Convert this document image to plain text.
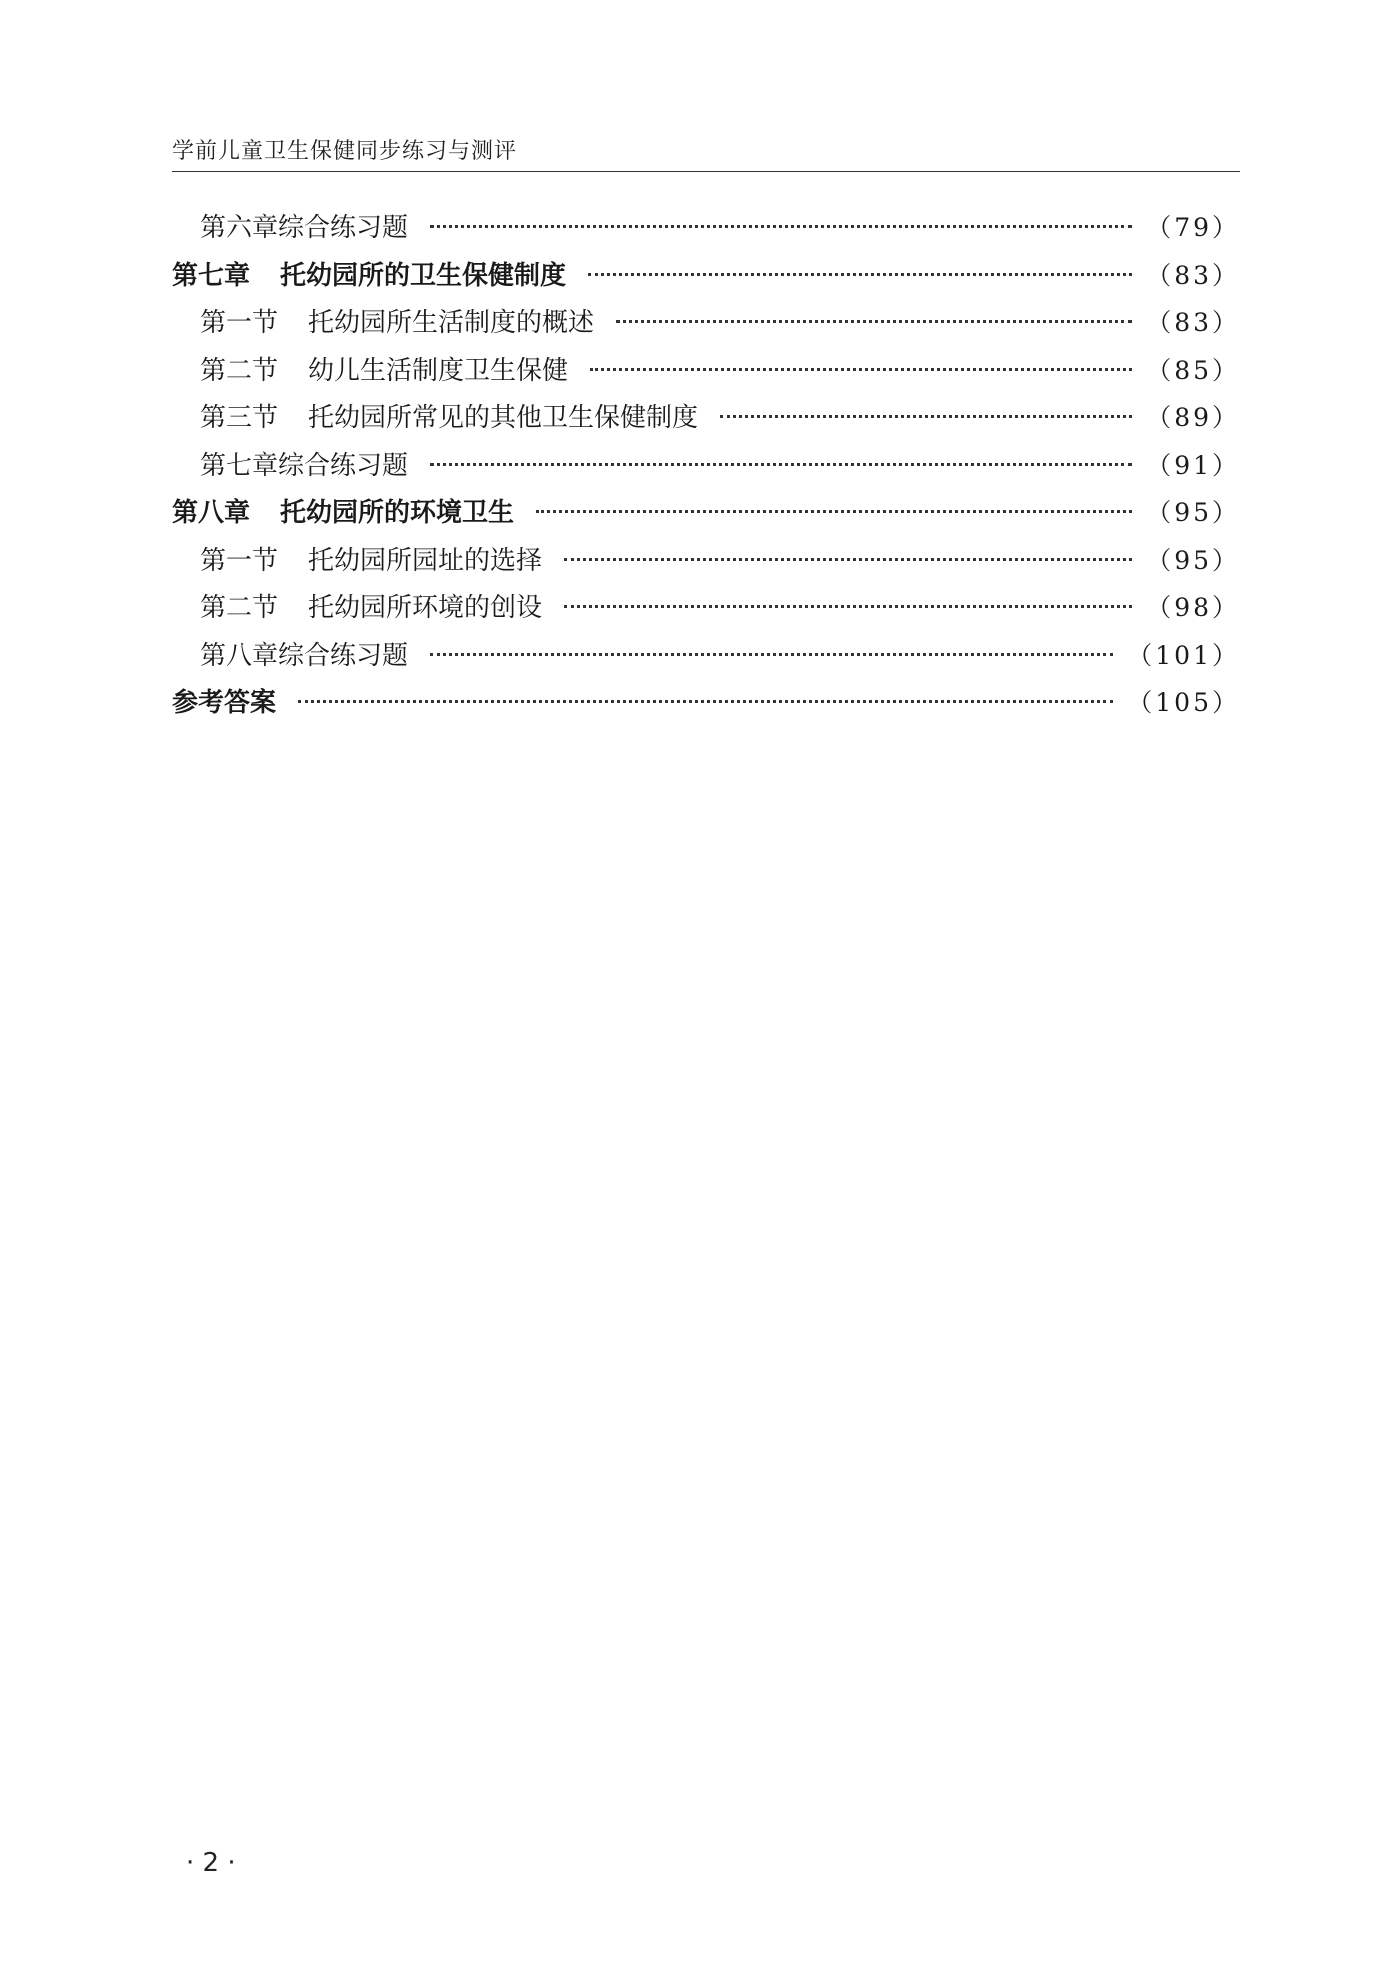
学前儿童卫生保健同步练习与测评
第六章综合练习题	（79）
第七章 托幼园所的卫生保健制度	（83）
第一节 托幼园所生活制度的概述	（83）
第二节 幼儿生活制度卫生保健	（85）
第三节 托幼园所常见的其他卫生保健制度	（89）
第七章综合练习题	（91）
第八章 托幼园所的环境卫生	（95）
第一节 托幼园所园址的选择	（95）
第二节 托幼园所环境的创设	（98）
第八章综合练习题	（101）
参考答案	（105）
· 2 ·
